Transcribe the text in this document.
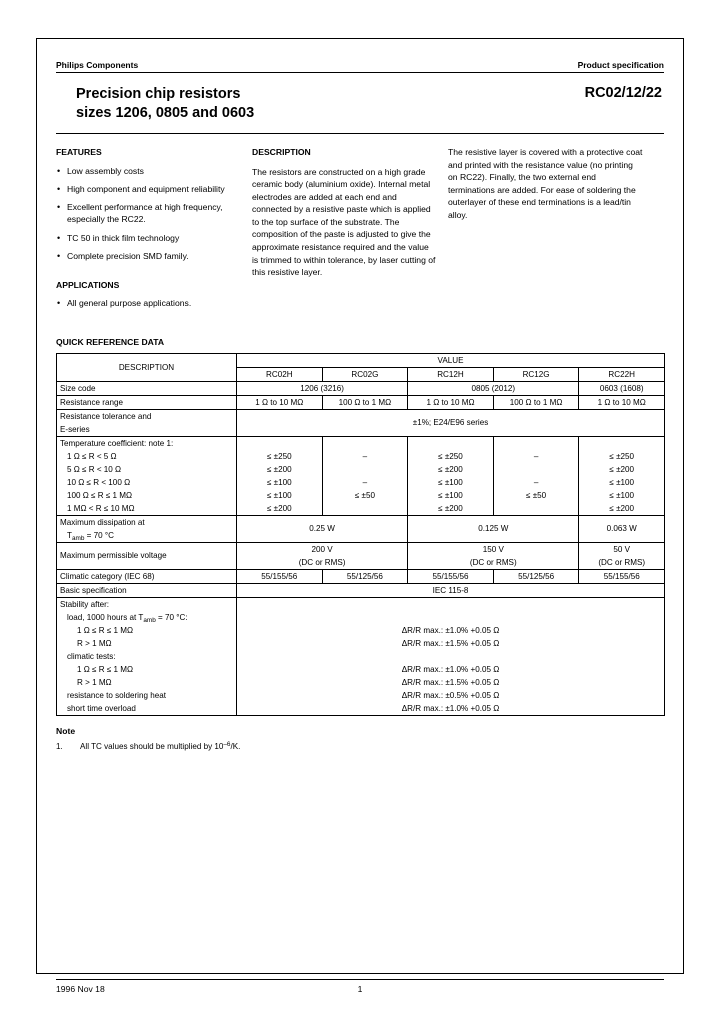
Philips Components	Product specification
Precision chip resistors
sizes 1206, 0805 and 0603
RC02/12/22
FEATURES
• Low assembly costs
• High component and equipment reliability
• Excellent performance at high frequency, especially the RC22.
• TC 50 in thick film technology
• Complete precision SMD family.
APPLICATIONS
• All general purpose applications.
DESCRIPTION

The resistors are constructed on a high grade ceramic body (aluminium oxide). Internal metal electrodes are added at each end and connected by a resistive paste which is applied to the top surface of the substrate. The composition of the paste is adjusted to give the approximate resistance required and the value is trimmed to within tolerance, by laser cutting of this resistive layer.

The resistive layer is covered with a protective coat and printed with the resistance value (no printing on RC22). Finally, the two external end terminations are added. For ease of soldering the outerlayer of these end terminations is a lead/tin alloy.

QUICK REFERENCE DATA
DESCRIPTION	VALUE				
	RC02H	RC02G	RC12H	RC12G	RC22H
Size code	1206 (3216)		0805 (2012)		0603 (1608)
Resistance range	1 Ω to 10 MΩ	100 Ω to 1 MΩ	1 Ω to 10 MΩ	100 Ω to 1 MΩ	1 Ω to 10 MΩ
Resistance tolerance and	±1%; E24/E96 series				
E-series					
Temperature coefficient: note 1:					
1 Ω ≤ R < 5 Ω	≤ ±250	–	≤ ±250	–	≤ ±250
5 Ω ≤ R < 10 Ω	≤ ±200		≤ ±200		≤ ±200
10 Ω ≤ R < 100 Ω	≤ ±100	–	≤ ±100	–	≤ ±100
100 Ω ≤ R ≤ 1 MΩ	≤ ±100	≤ ±50	≤ ±100	≤ ±50	≤ ±100
1 MΩ < R ≤ 10 MΩ	≤ ±200		≤ ±200		≤ ±200
Maximum dissipation at	0.25 W		0.125 W		0.063 W
$T_{amb} = 70$ °C					
Maximum permissible voltage	200 V		150 V		50 V
	(DC or RMS)		(DC or RMS)		(DC or RMS)
Climatic category (IEC 68)	55/155/56	55/125/56	55/155/56	55/125/56	55/155/56
Basic specification	IEC 115-8				
Stability after:					
load, 1000 hours at $T_{amb} = 70$ °C:					
1 Ω ≤ R ≤ 1 MΩ	ΔR/R max.: ±1.0% +0.05 Ω				
R > 1 MΩ	ΔR/R max.: ±1.5% +0.05 Ω				
climatic tests:					
1 Ω ≤ R ≤ 1 MΩ	ΔR/R max.: ±1.0% +0.05 Ω				
R > 1 MΩ	ΔR/R max.: ±1.5% +0.05 Ω				
resistance to soldering heat	ΔR/R max.: ±0.5% +0.05 Ω				
short time overload	ΔR/R max.: ±1.0% +0.05 Ω				
Note
1.	All TC values should be multiplied by $10^{-6}/K$.
1996 Nov 18	1
